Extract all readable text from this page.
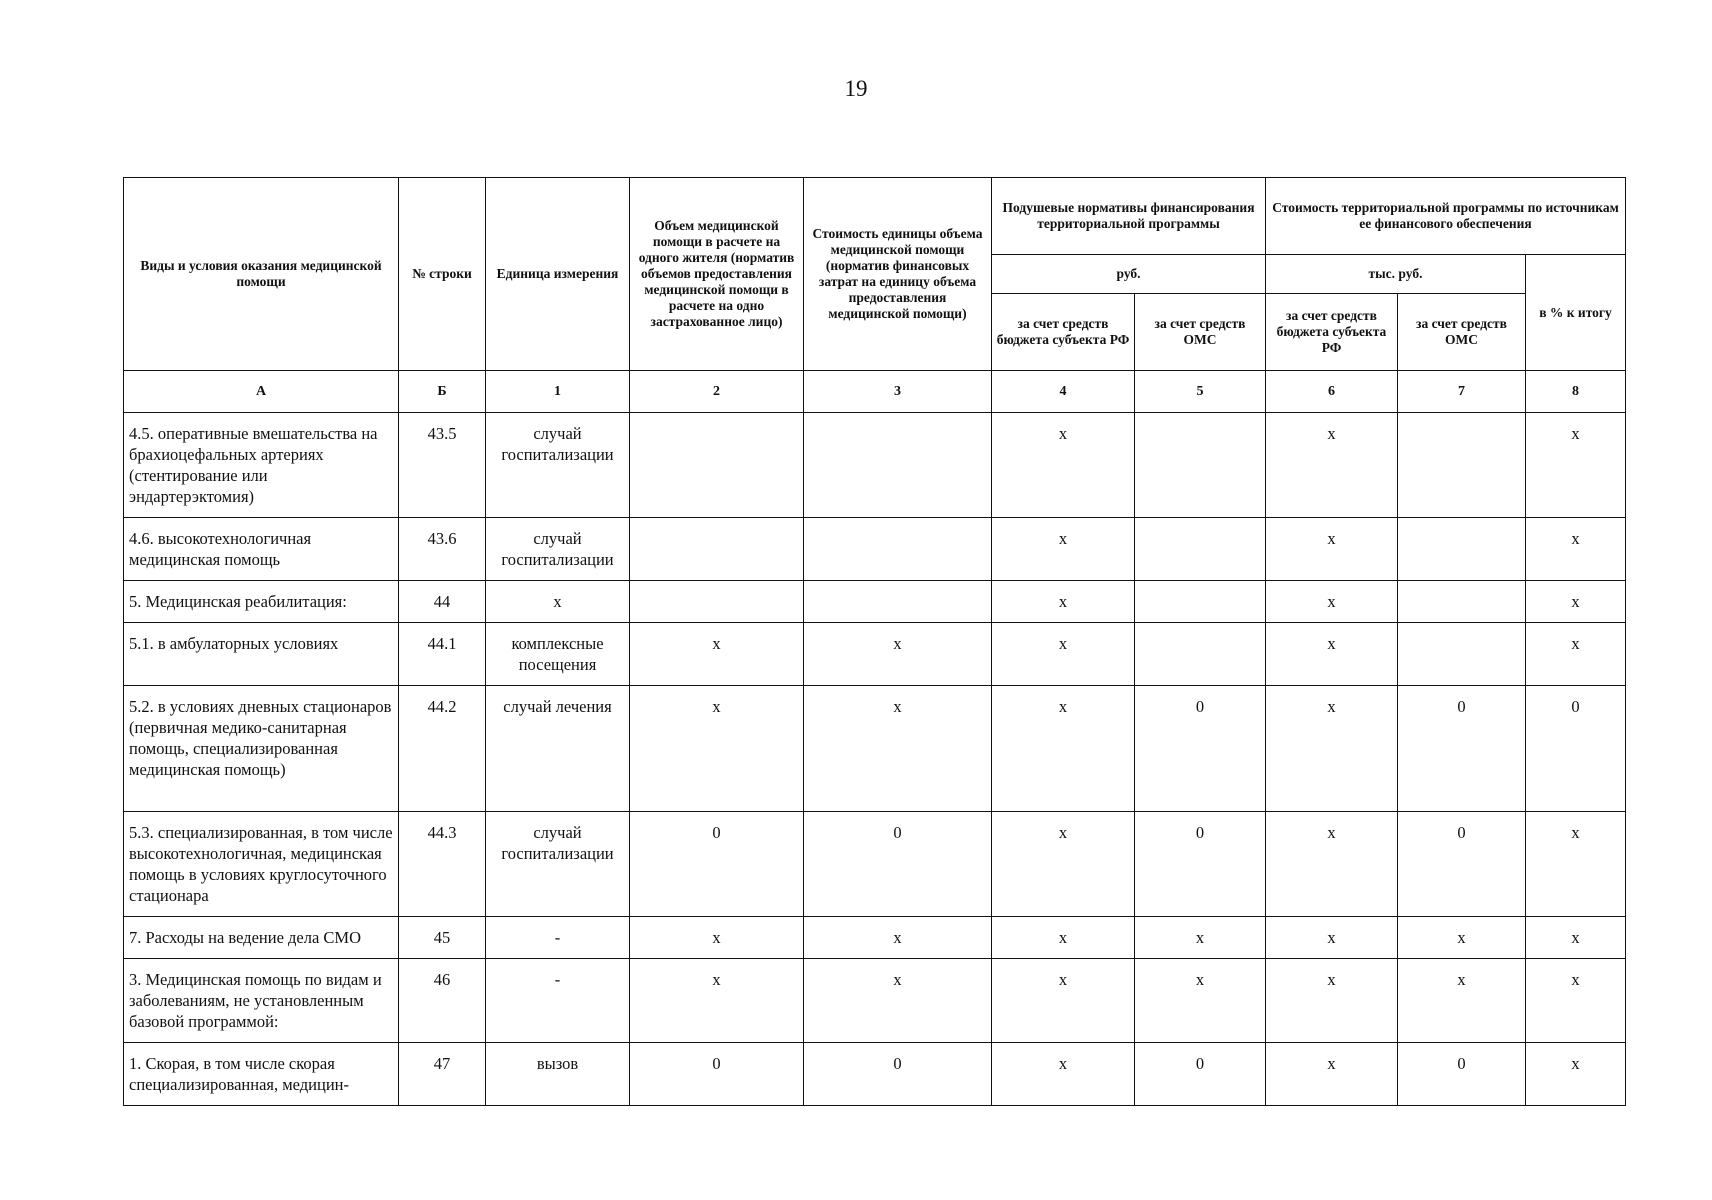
19
Виды и условия оказания медицинской помощи	№ строки	Единица измерения	Объем медицинской помощи в расчете на одного жителя (норматив объемов предоставления медицинской помощи в расчете на одно застрахованное лицо)	Стоимость единицы объема медицинской помощи (норматив финансовых затрат на единицу объема предоставления медицинской помощи)	Подушевые нормативы финансирования территориальной программы		Стоимость территориальной программы по источникам ее финансового обеспечения		
					руб.		тыс. руб.		в % к итогу
					за счет средств бюджета субъекта РФ	за счет средств ОМС	за счет средств бюджета субъекта РФ	за счет средств ОМС	
А	Б	1	2	3	4	5	6	7	8
4.5. оперативные вмешательства на брахиоцефальных артериях (стентирование или эндартерэктомия)	43.5	случай госпитализации			х		х		х
4.6. высокотехнологичная медицинская помощь	43.6	случай госпитализации			х		х		х
5. Медицинская реабилитация:	44	х			х		х		х
5.1. в амбулаторных условиях	44.1	комплексные посещения	х	х	х		х		х
5.2. в условиях дневных стационаров (первичная медико-санитарная помощь, специализированная медицинская помощь)	44.2	случай лечения	х	х	х	0	х	0	0
5.3. специализированная, в том числе высокотехнологичная, медицинская помощь в условиях круглосуточного стационара	44.3	случай госпитализации	0	0	х	0	х	0	х
7. Расходы на ведение дела СМО	45	-	х	х	х	х	х	х	х
3. Медицинская помощь по видам и заболеваниям, не установленным базовой программой:	46	-	х	х	х	х	х	х	х
1. Скорая, в том числе скорая специализированная, медицин-	47	вызов	0	0	х	0	х	0	х
